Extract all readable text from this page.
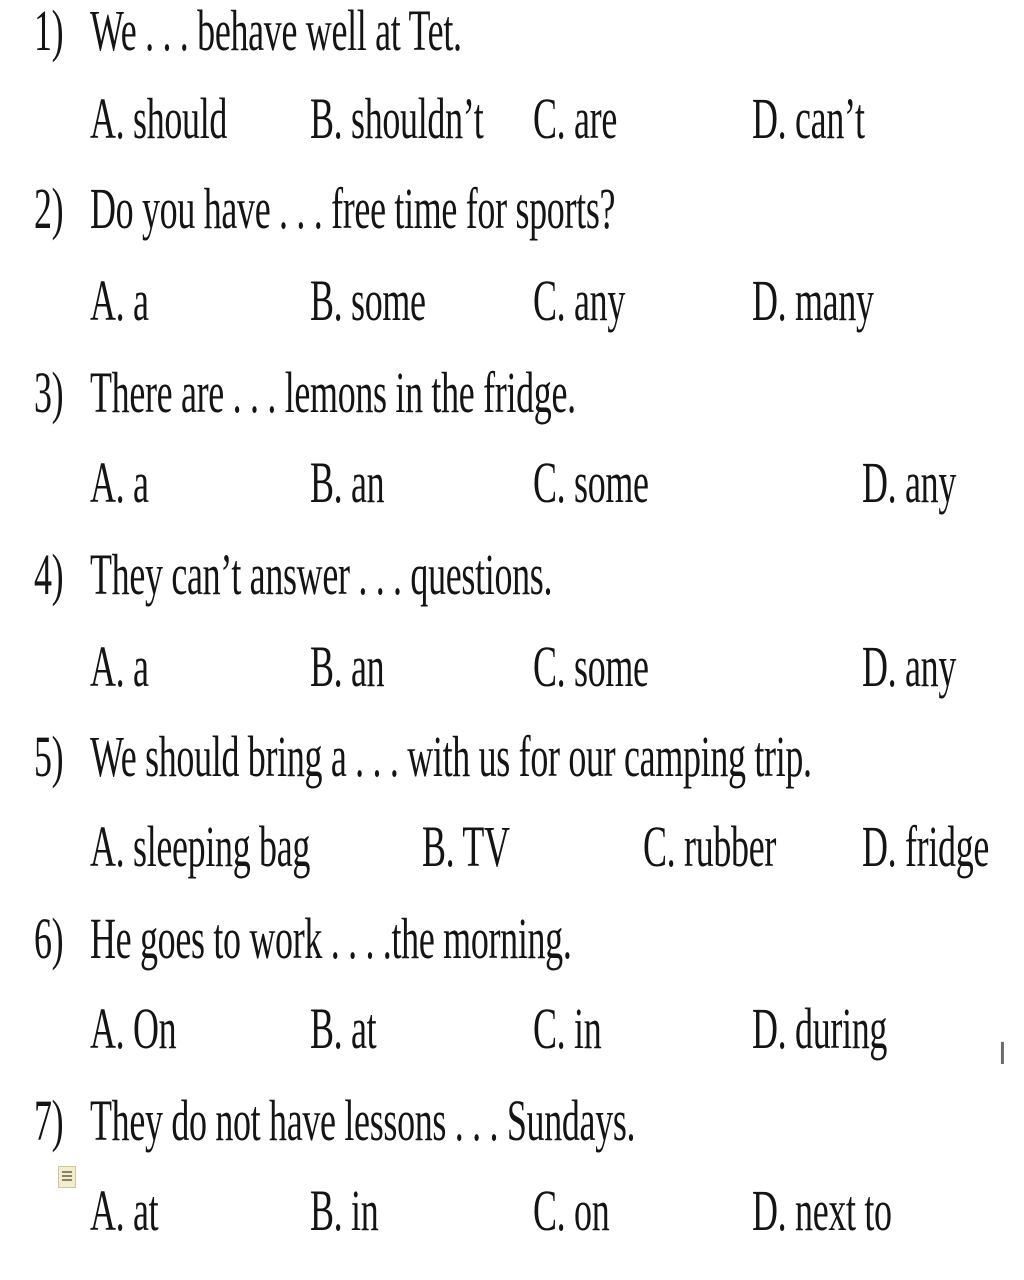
1) We . . . behave well at Tet.
A. should B. shouldn’t C. are D. can’t
2) Do you have . . . free time for sports?
A. a	B. some C. any D. many
3) There are . . . lemons in the fridge.
A. a	B. an	C. some	D. any
4) They can’t answer . . . questions.
A. a	B. an	C. some	D. any
5) We should bring a . . . with us for our camping trip.
A. sleeping bag B. TV C. rubber D. fridge
6) He goes to work . . . .the morning.
A. On B. at	C. in	D. during	I
7) They do not have lessons . . . Sundays.
A. at	B. in	C. on D. next to
